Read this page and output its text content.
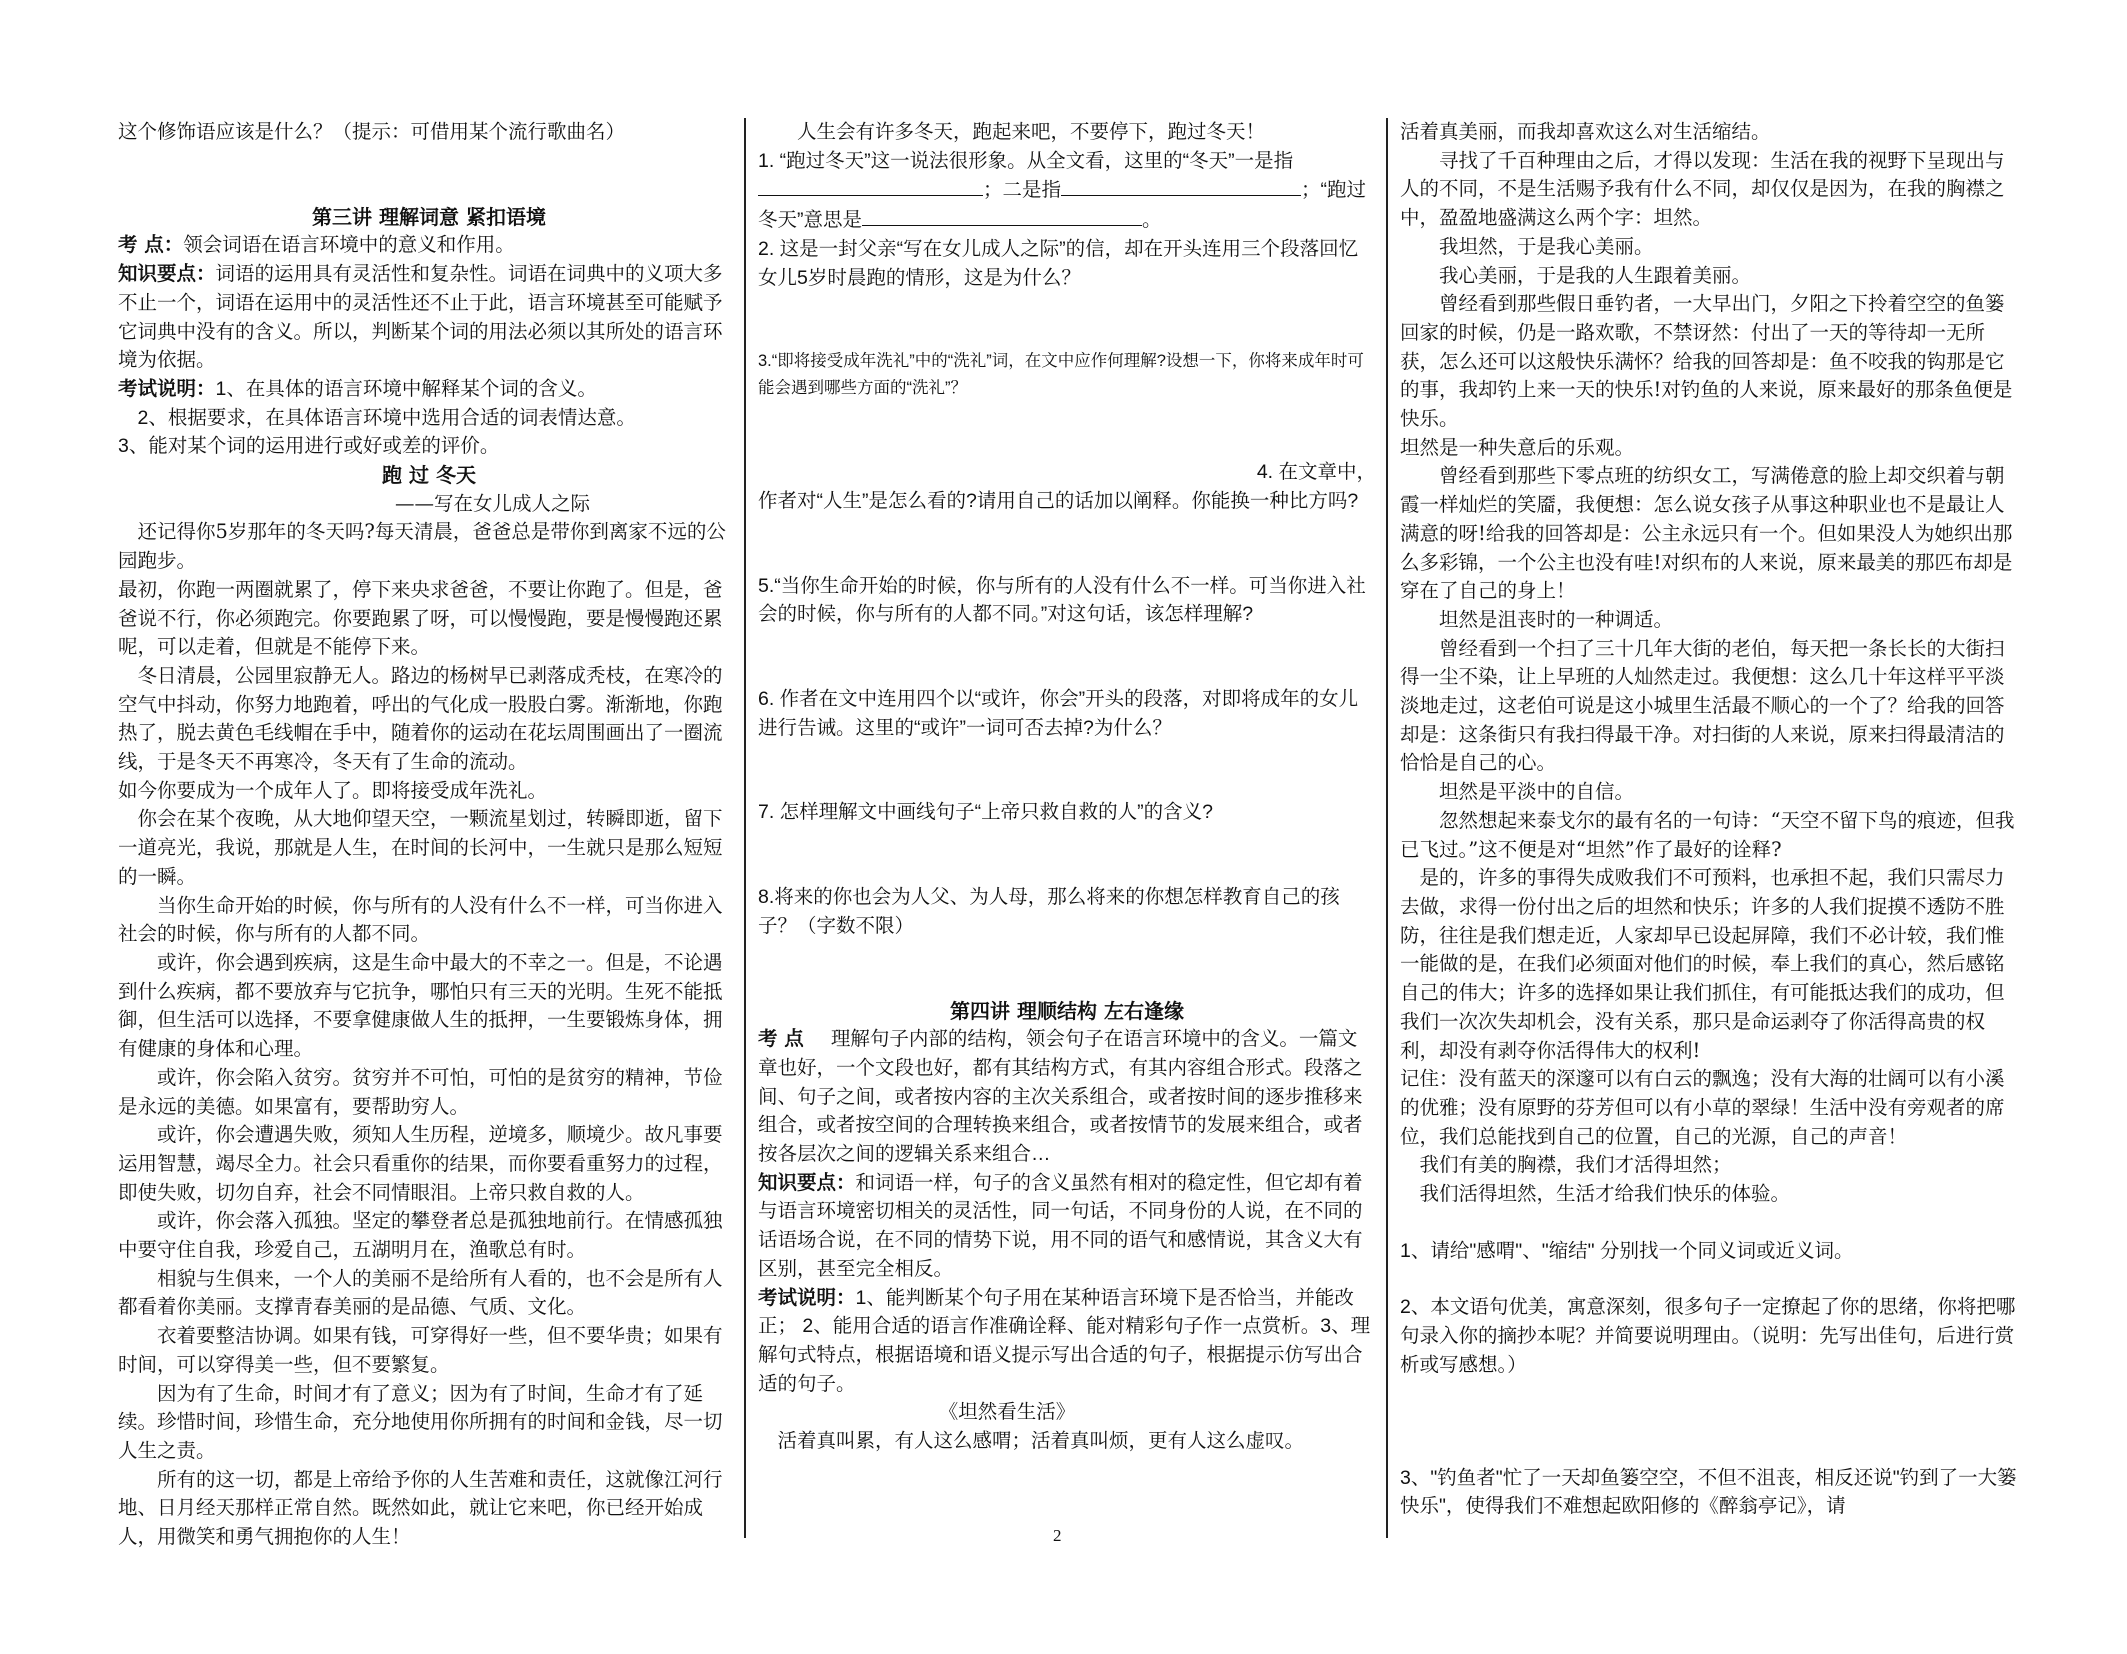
这个修饰语应该是什么？（提示：可借用某个流行歌曲名）

第三讲 理解词意 紧扣语境

考 点：领会词语在语言环境中的意义和作用。

知识要点：词语的运用具有灵活性和复杂性。词语在词典中的义项大多不止一个，词语在运用中的灵活性还不止于此，语言环境甚至可能赋予它词典中没有的含义。所以，判断某个词的用法必须以其所处的语言环境为依据。

考试说明：1、在具体的语言环境中解释某个词的含义。

2、根据要求，在具体语言环境中选用合适的词表情达意。

3、能对某个词的运用进行或好或差的评价。

跑 过 冬天

——写在女儿成人之际

还记得你5岁那年的冬天吗?每天清晨，爸爸总是带你到离家不远的公园跑步。

最初，你跑一两圈就累了，停下来央求爸爸，不要让你跑了。但是，爸爸说不行，你必须跑完。你要跑累了呀，可以慢慢跑，要是慢慢跑还累呢，可以走着，但就是不能停下来。

冬日清晨，公园里寂静无人。路边的杨树早已剥落成秃枝，在寒冷的空气中抖动，你努力地跑着，呼出的气化成一股股白雾。渐渐地，你跑热了，脱去黄色毛线帽在手中，随着你的运动在花坛周围画出了一圈流线，于是冬天不再寒冷，冬天有了生命的流动。

如今你要成为一个成年人了。即将接受成年洗礼。

你会在某个夜晚，从大地仰望天空，一颗流星划过，转瞬即逝，留下一道亮光，我说，那就是人生，在时间的长河中，一生就只是那么短短的一瞬。

当你生命开始的时候，你与所有的人没有什么不一样，可当你进入社会的时候，你与所有的人都不同。

或许，你会遇到疾病，这是生命中最大的不幸之一。但是，不论遇到什么疾病，都不要放弃与它抗争，哪怕只有三天的光明。生死不能抵御，但生活可以选择，不要拿健康做人生的抵押，一生要锻炼身体，拥有健康的身体和心理。

或许，你会陷入贫穷。贫穷并不可怕，可怕的是贫穷的精神，节俭是永远的美德。如果富有，要帮助穷人。

或许，你会遭遇失败，须知人生历程，逆境多，顺境少。故凡事要运用智慧，竭尽全力。社会只看重你的结果，而你要看重努力的过程，即使失败，切勿自弃，社会不同情眼泪。上帝只救自救的人。

或许，你会落入孤独。坚定的攀登者总是孤独地前行。在情感孤独中要守住自我，珍爱自己，五湖明月在，渔歌总有时。

相貌与生俱来，一个人的美丽不是给所有人看的，也不会是所有人都看着你美丽。支撑青春美丽的是品德、气质、文化。

衣着要整洁协调。如果有钱，可穿得好一些，但不要华贵；如果有时间，可以穿得美一些，但不要繁复。

因为有了生命，时间才有了意义；因为有了时间，生命才有了延续。珍惜时间，珍惜生命，充分地使用你所拥有的时间和金钱，尽一切人生之责。

所有的这一切，都是上帝给予你的人生苦难和责任，这就像江河行地、日月经天那样正常自然。既然如此，就让它来吧，你已经开始成人，用微笑和勇气拥抱你的人生！

人生会有许多冬天，跑起来吧，不要停下，跑过冬天！

1. “跑过冬天”这一说法很形象。从全文看，这里的“冬天”一是指；二是指	；“跑过冬天”意思是	。

2. 这是一封父亲“写在女儿成人之际”的信，却在开头连用三个段落回忆女儿5岁时晨跑的情形，这是为什么？

3.“即将接受成年洗礼”中的“洗礼”词，在文中应作何理解?设想一下，你将来成年时可能会遇到哪些方面的“洗礼”？

4. 在文章中，

作者对“人生”是怎么看的?请用自己的话加以阐释。你能换一种比方吗?

5.“当你生命开始的时候，你与所有的人没有什么不一样。可当你进入社会的时候，你与所有的人都不同。”对这句话，该怎样理解?

6. 作者在文中连用四个以“或许，你会”开头的段落，对即将成年的女儿进行告诫。这里的“或许”一词可否去掉?为什么？

7. 怎样理解文中画线句子“上帝只救自救的人”的含义?

8.将来的你也会为人父、为人母，那么将来的你想怎样教育自己的孩子？（字数不限）

第四讲 理顺结构 左右逢缘

考 点 理解句子内部的结构，领会句子在语言环境中的含义。一篇文章也好，一个文段也好，都有其结构方式，有其内容组合形式。段落之间、句子之间，或者按内容的主次关系组合，或者按时间的逐步推移来组合，或者按空间的合理转换来组合，或者按情节的发展来组合，或者按各层次之间的逻辑关系来组合…

知识要点：和词语一样，句子的含义虽然有相对的稳定性，但它却有着与语言环境密切相关的灵活性，同一句话，不同身份的人说，在不同的话语场合说，在不同的情势下说，用不同的语气和感情说，其含义大有区别，甚至完全相反。

考试说明：1、能判断某个句子用在某种语言环境下是否恰当，并能改正； 2、能用合适的语言作准确诠释、能对精彩句子作一点赏析。3、理解句式特点，根据语境和语义提示写出合适的句子，根据提示仿写出合适的句子。

《坦然看生活》

活着真叫累，有人这么感喟；活着真叫烦，更有人这么虚叹。

活着真美丽，而我却喜欢这么对生活缩结。

寻找了千百种理由之后，才得以发现：生活在我的视野下呈现出与人的不同，不是生活赐予我有什么不同，却仅仅是因为，在我的胸襟之中，盈盈地盛满这么两个字：坦然。

我坦然，于是我心美丽。

我心美丽，于是我的人生跟着美丽。

曾经看到那些假日垂钓者，一大早出门，夕阳之下拎着空空的鱼篓回家的时候，仍是一路欢歌，不禁讶然：付出了一天的等待却一无所获，怎么还可以这般快乐满怀？给我的回答却是：鱼不咬我的钩那是它的事，我却钓上来一天的快乐!对钓鱼的人来说，原来最好的那条鱼便是快乐。

坦然是一种失意后的乐观。

曾经看到那些下零点班的纺织女工，写满倦意的脸上却交织着与朝霞一样灿烂的笑靥，我便想：怎么说女孩子从事这种职业也不是最让人满意的呀!给我的回答却是：公主永远只有一个。但如果没人为她织出那么多彩锦，一个公主也没有哇!对织布的人来说，原来最美的那匹布却是穿在了自己的身上！

坦然是沮丧时的一种调适。

曾经看到一个扫了三十几年大街的老伯，每天把一条长长的大街扫得一尘不染，让上早班的人灿然走过。我便想：这么几十年这样平平淡淡地走过，这老伯可说是这小城里生活最不顺心的一个了？给我的回答却是：这条街只有我扫得最干净。对扫街的人来说，原来扫得最清洁的恰恰是自己的心。

坦然是平淡中的自信。

忽然想起来泰戈尔的最有名的一句诗：“天空不留下鸟的痕迹，但我已飞过。”这不便是对“坦然”作了最好的诠释?

是的，许多的事得失成败我们不可预料，也承担不起，我们只需尽力去做，求得一份付出之后的坦然和快乐；许多的人我们捉摸不透防不胜防，往往是我们想走近，人家却早已设起屏障，我们不必计较，我们惟一能做的是，在我们必须面对他们的时候，奉上我们的真心，然后感铭自己的伟大；许多的选择如果让我们抓住，有可能抵达我们的成功，但我们一次次失却机会，没有关系，那只是命运剥夺了你活得高贵的权利，却没有剥夺你活得伟大的权利!

记住：没有蓝天的深邃可以有白云的飘逸；没有大海的壮阔可以有小溪的优雅；没有原野的芬芳但可以有小草的翠绿！生活中没有旁观者的席位，我们总能找到自己的位置，自己的光源，自己的声音！

我们有美的胸襟，我们才活得坦然；

我们活得坦然，生活才给我们快乐的体验。

1、请给"感喟"、"缩结" 分别找一个同义词或近义词。

2、本文语句优美，寓意深刻，很多句子一定撩起了你的思绪，你将把哪句录入你的摘抄本呢？并简要说明理由。（说明：先写出佳句，后进行赏析或写感想。）

3、"钓鱼者"忙了一天却鱼篓空空，不但不沮丧，相反还说"钓到了一大篓快乐"，使得我们不难想起欧阳修的《醉翁亭记》，请

2
